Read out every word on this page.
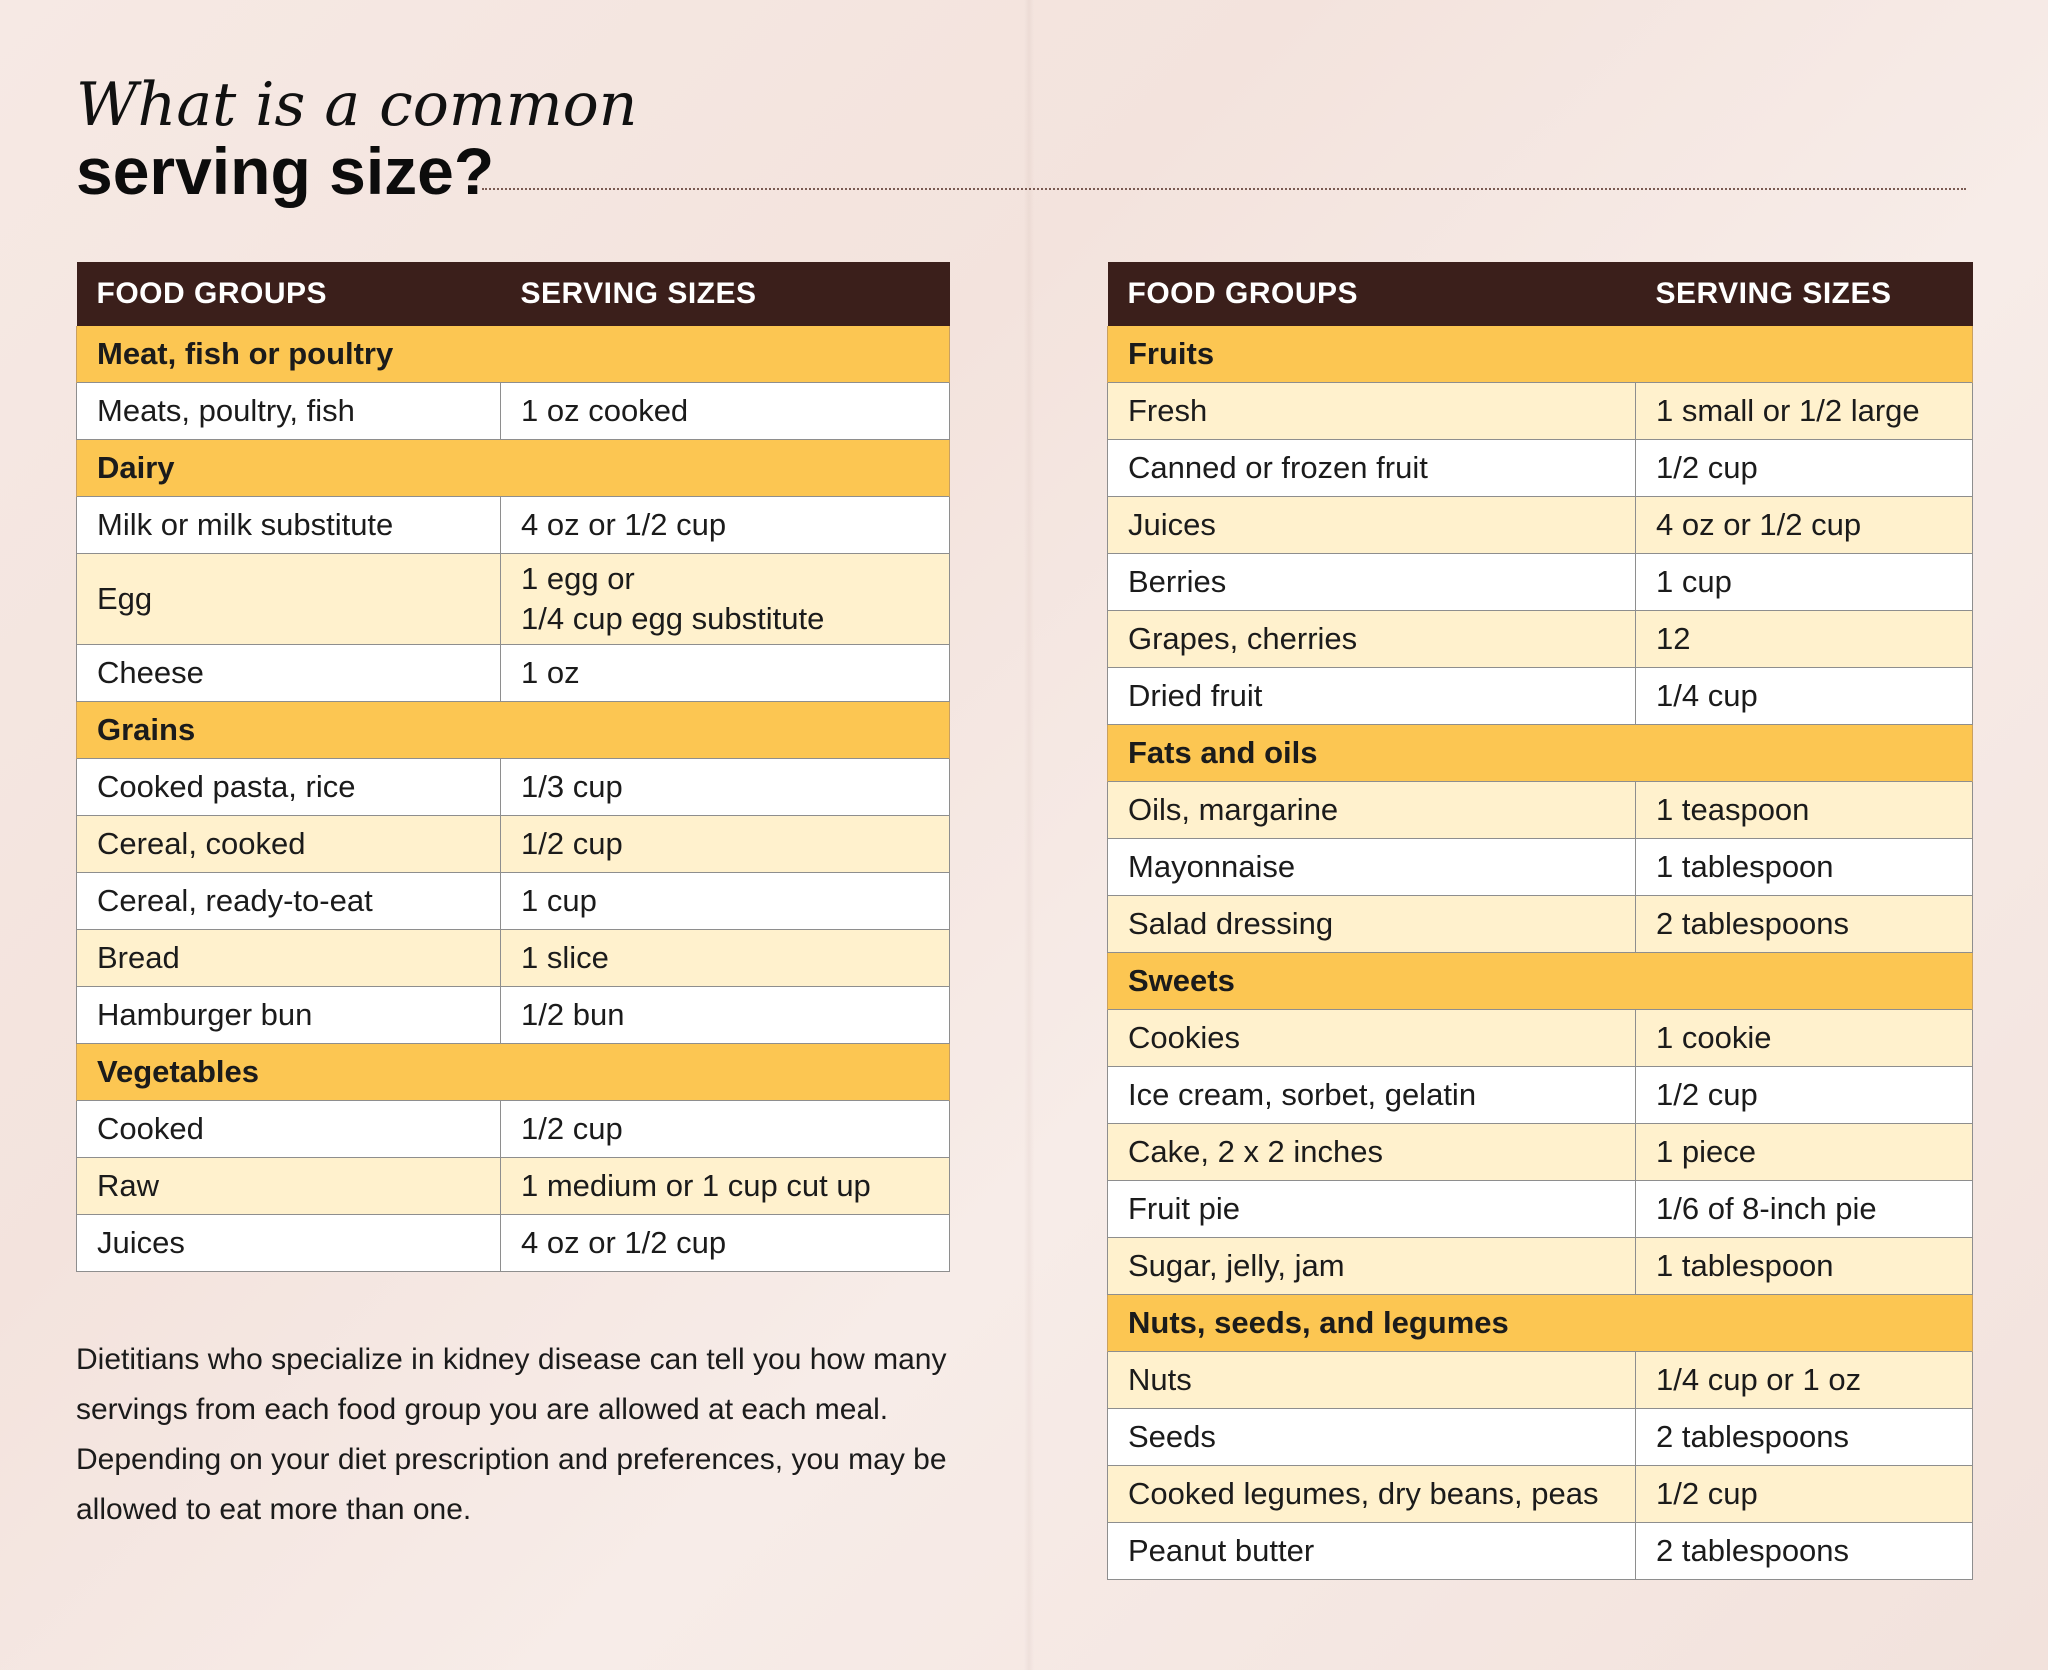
What is a common
serving size?
FOOD GROUPS	SERVING SIZES
Meat, fish or poultry	
Meats, poultry, fish	1 oz cooked
Dairy	
Milk or milk substitute	4 oz or 1/2 cup
Egg	1 egg or
1/4 cup egg substitute

Cheese	1 oz
Grains	
Cooked pasta, rice	1/3 cup
Cereal, cooked	1/2 cup
Cereal, ready-to-eat	1 cup
Bread	1 slice
Hamburger bun	1/2 bun
Vegetables	
Cooked	1/2 cup
Raw	1 medium or 1 cup cut up
Juices	4 oz or 1/2 cup
FOOD GROUPS	SERVING SIZES
Fruits	
Fresh	1 small or 1/2 large
Canned or frozen fruit	1/2 cup
Juices	4 oz or 1/2 cup
Berries	1 cup
Grapes, cherries	12
Dried fruit	1/4 cup
Fats and oils	
Oils, margarine	1 teaspoon
Mayonnaise	1 tablespoon
Salad dressing	2 tablespoons
Sweets	
Cookies	1 cookie
Ice cream, sorbet, gelatin	1/2 cup
Cake, 2 x 2 inches	1 piece
Fruit pie	1/6 of 8-inch pie
Sugar, jelly, jam	1 tablespoon
Nuts, seeds, and legumes	
Nuts	1/4 cup or 1 oz
Seeds	2 tablespoons
Cooked legumes, dry beans, peas	1/2 cup
Peanut butter	2 tablespoons

Dietitians who specialize in kidney disease can tell you how many servings from each food group you are allowed at each meal. Depending on your diet prescription and preferences, you may be allowed to eat more than one.
